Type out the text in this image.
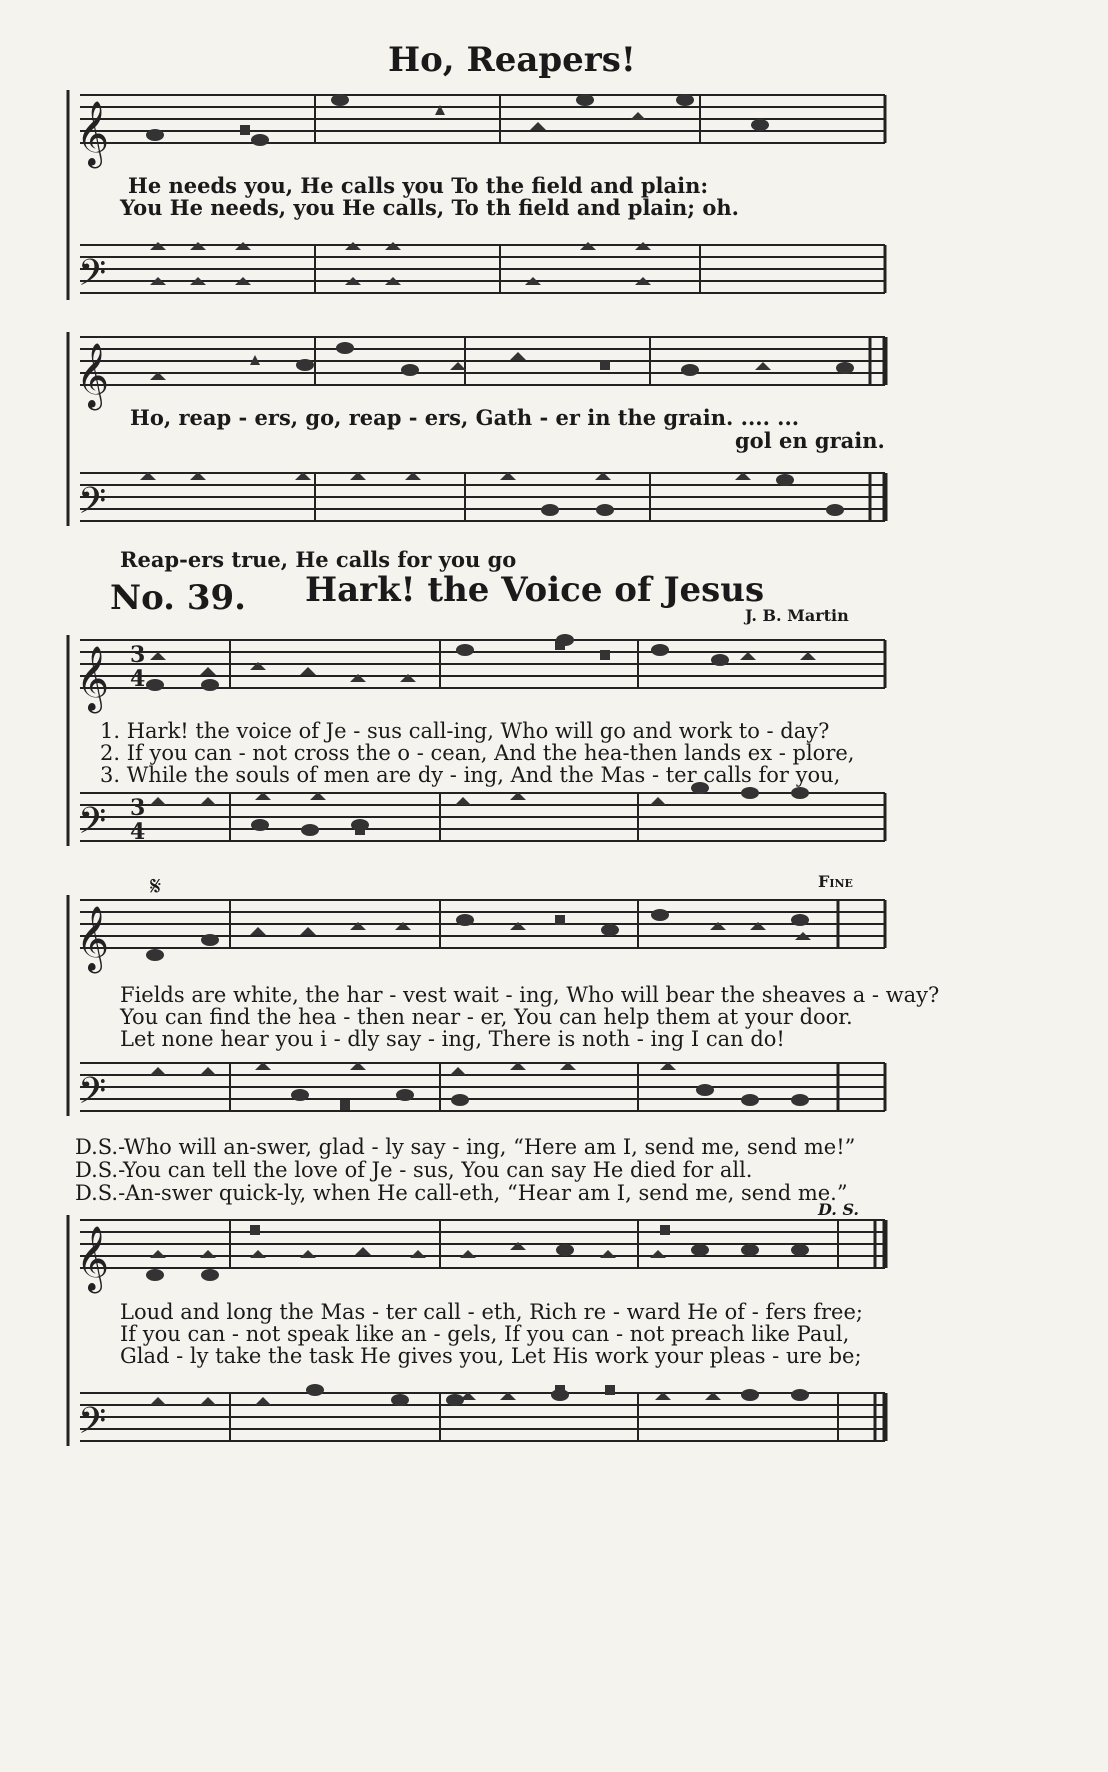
Ho, Reapers!
𝄞
𝄞
𝄢
𝄢
He needs you, He calls you To the field and plain:
You He needs, you He calls, To th field and plain; oh.
Ho, reap - ers, go, reap - ers, Gath - er in the grain. .... ...
gol en grain.
Reap-ers true, He calls for you go
No. 39. Hark! the Voice of Jesus
J. B. Martin
𝄞
𝄞
𝄞
𝄢
𝄢
𝄢
3
4
3
4
𝄋	Fine
D. S.
1. Hark! the voice of Je - sus call-ing, Who will go and work to - day?
2. If you can - not cross the o - cean, And the hea-then lands ex - plore,
3. While the souls of men are dy - ing, And the Mas - ter calls for you,
Fields are white, the har - vest wait - ing, Who will bear the sheaves a - way?
You can find the hea - then near - er, You can help them at your door.
Let none hear you i - dly say - ing, There is noth - ing I can do!
D.S.-Who will an-swer, glad - ly say - ing, “Here am I, send me, send me!”
D.S.-You can tell the love of Je - sus, You can say He died for all.
D.S.-An-swer quick-ly, when He call-eth, “Hear am I, send me, send me.”
Loud and long the Mas - ter call - eth, Rich re - ward He of - fers free;
If you can - not speak like an - gels, If you can - not preach like Paul,
Glad - ly take the task He gives you, Let His work your pleas - ure be;
